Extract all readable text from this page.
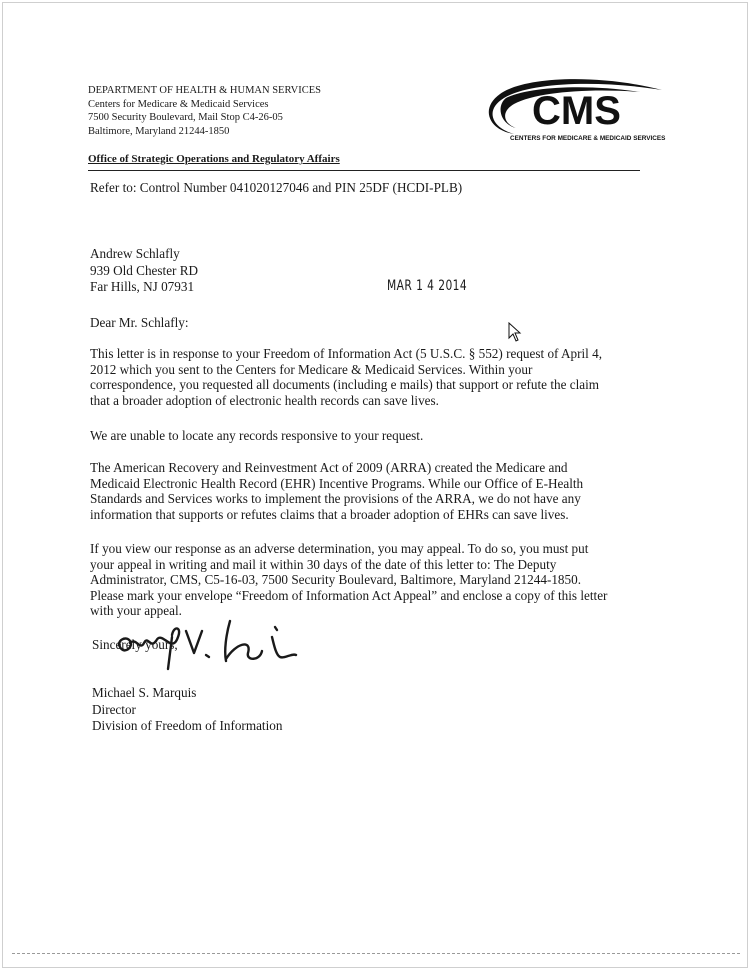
DEPARTMENT OF HEALTH & HUMAN SERVICES
Centers for Medicare & Medicaid Services
7500 Security Boulevard, Mail Stop C4-26-05
Baltimore, Maryland 21244-1850	CMS
CENTERS FOR MEDICARE & MEDICAID SERVICES
Office of Strategic Operations and Regulatory Affairs
Refer to: Control Number 041020127046 and PIN 25DF (HCDI-PLB)
Andrew Schlafly
939 Old Chester RD
Far Hills, NJ 07931	MAR 1 4 2014
Dear Mr. Schlafly:
This letter is in response to your Freedom of Information Act (5 U.S.C. § 552) request of April 4,
2012 which you sent to the Centers for Medicare & Medicaid Services. Within your
correspondence, you requested all documents (including e mails) that support or refute the claim
that a broader adoption of electronic health records can save lives.
We are unable to locate any records responsive to your request.
The American Recovery and Reinvestment Act of 2009 (ARRA) created the Medicare and
Medicaid Electronic Health Record (EHR) Incentive Programs. While our Office of E-Health
Standards and Services works to implement the provisions of the ARRA, we do not have any
information that supports or refutes claims that a broader adoption of EHRs can save lives.
If you view our response as an adverse determination, you may appeal. To do so, you must put
your appeal in writing and mail it within 30 days of the date of this letter to: The Deputy
Administrator, CMS, C5-16-03, 7500 Security Boulevard, Baltimore, Maryland 21244-1850.
Please mark your envelope “Freedom of Information Act Appeal” and enclose a copy of this letter
with your appeal.
Sincerely yours,
Michael S. Marquis
Director
Division of Freedom of Information
